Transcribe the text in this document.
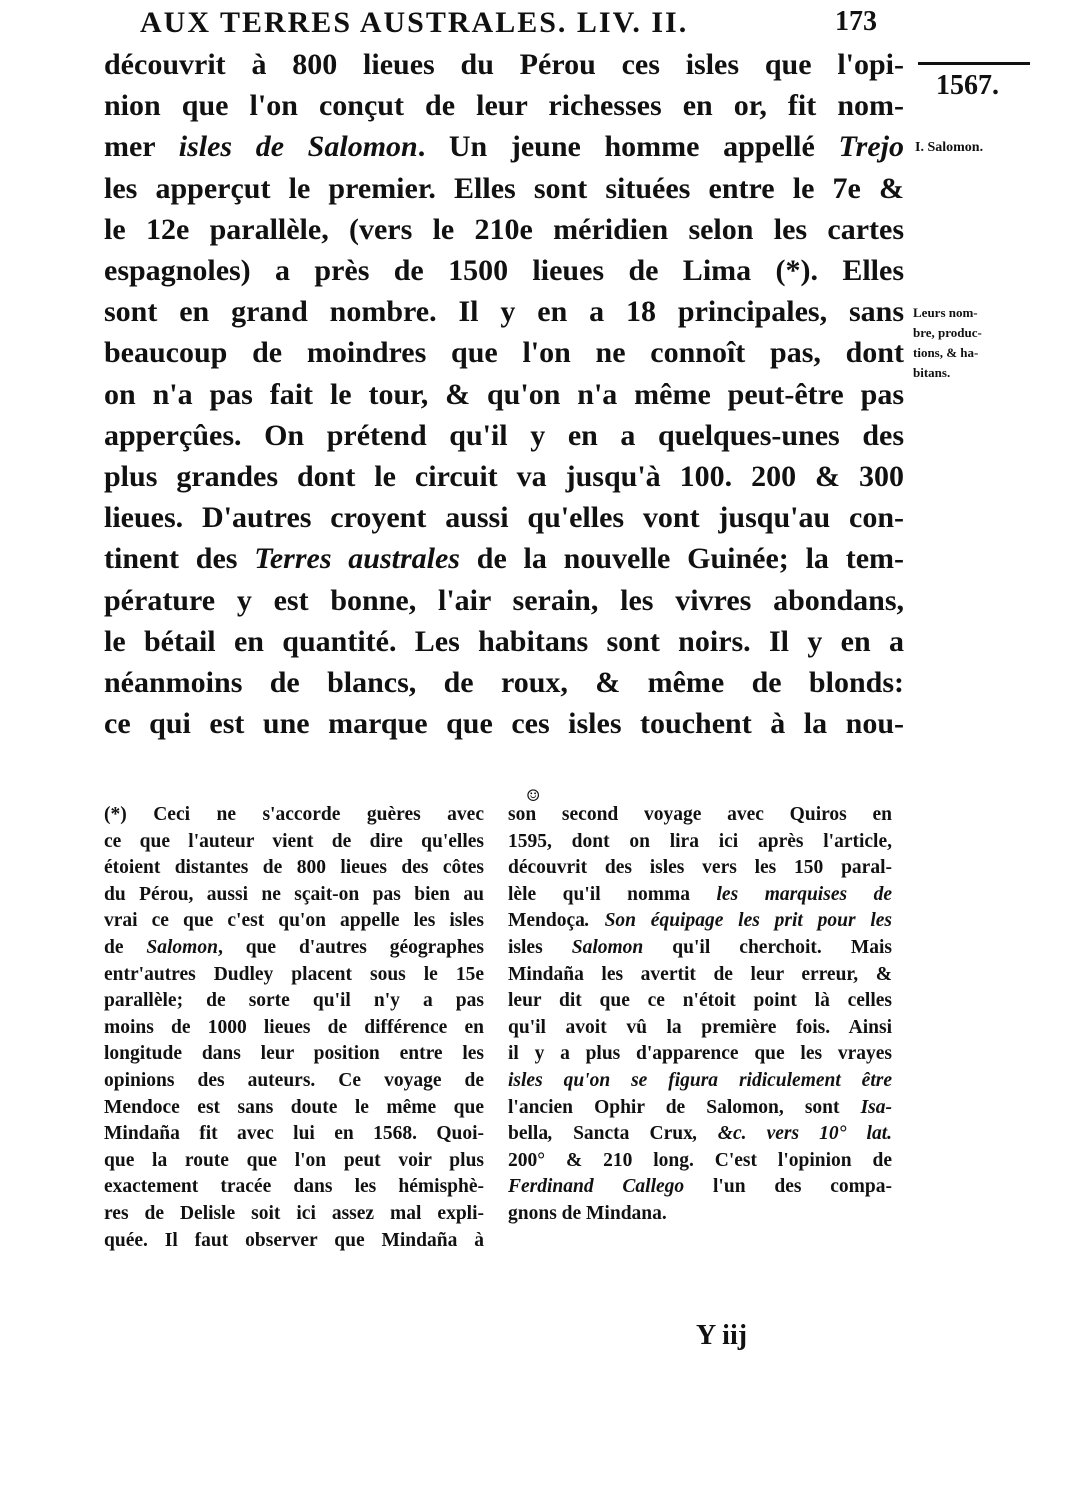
AUX TERRES AUSTRALES. LIV. II.	173
1567.
I. Salomon.
Leurs nom-
bre, produc-
tions, & ha-
bitans.
découvrit à 800 lieues du Pérou ces isles que l'opi-
nion que l'on conçut de leur richesses en or, fit nom-
mer isles de Salomon. Un jeune homme appellé Trejo
les apperçut le premier. Elles sont situées entre le 7e &
le 12e parallèle, (vers le 210e méridien selon les cartes
espagnoles) a près de 1500 lieues de Lima (*). Elles
sont en grand nombre. Il y en a 18 principales, sans
beaucoup de moindres que l'on ne connoît pas, dont
on n'a pas fait le tour, & qu'on n'a même peut-être pas
apperçûes. On prétend qu'il y en a quelques-unes des
plus grandes dont le circuit va jusqu'à 100. 200 & 300
lieues. D'autres croyent aussi qu'elles vont jusqu'au con-
tinent des Terres australes de la nouvelle Guinée; la tem-
pérature y est bonne, l'air serain, les vivres abondans,
le bétail en quantité. Les habitans sont noirs. Il y en a
néanmoins de blancs, de roux, & même de blonds:
ce qui est une marque que ces isles touchent à la nou-
☺
(*) Ceci ne s'accorde guères avec
ce que l'auteur vient de dire qu'elles
étoient distantes de 800 lieues des côtes
du Pérou, aussi ne sçait-on pas bien au
vrai ce que c'est qu'on appelle les isles
de Salomon, que d'autres géographes
entr'autres Dudley placent sous le 15e
parallèle; de sorte qu'il n'y a pas
moins de 1000 lieues de différence en
longitude dans leur position entre les
opinions des auteurs. Ce voyage de
Mendoce est sans doute le même que
Mindaña fit avec lui en 1568. Quoi-
que la route que l'on peut voir plus
exactement tracée dans les hémisphè-
res de Delisle soit ici assez mal expli-
quée. Il faut observer que Mindaña à
son second voyage avec Quiros en
1595, dont on lira ici après l'article,
découvrit des isles vers les 150 paral-
lèle qu'il nomma les marquises de
Mendoça. Son équipage les prit pour les
isles Salomon qu'il cherchoit. Mais
Mindaña les avertit de leur erreur, &
leur dit que ce n'étoit point là celles
qu'il avoit vû la première fois. Ainsi
il y a plus d'apparence que les vrayes
isles qu'on se figura ridiculement être
l'ancien Ophir de Salomon, sont Isa-
bella, Sancta Crux, &c. vers 10° lat.
200° & 210 long. C'est l'opinion de
Ferdinand Callego l'un des compa-
gnons de Mindana.
Y iij
